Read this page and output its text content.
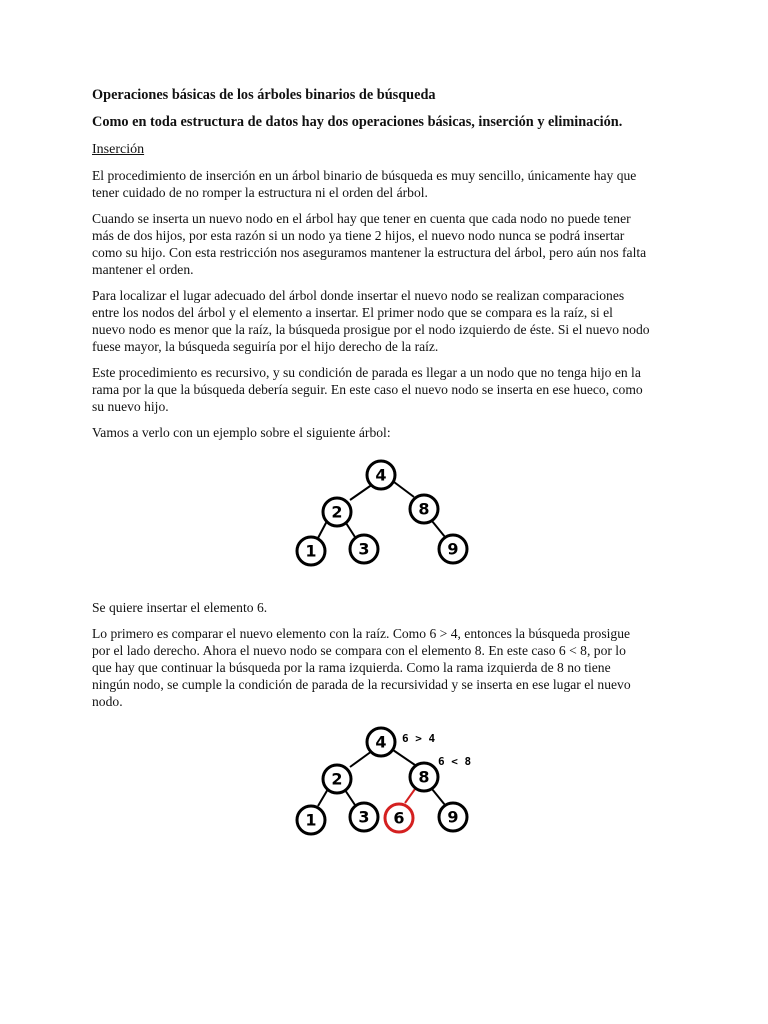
Operaciones básicas de los árboles binarios de búsqueda

Como en toda estructura de datos hay dos operaciones básicas, inserción y eliminación.

Inserción

El procedimiento de inserción en un árbol binario de búsqueda es muy sencillo, únicamente hay que
tener cuidado de no romper la estructura ni el orden del árbol.
Cuando se inserta un nuevo nodo en el árbol hay que tener en cuenta que cada nodo no puede tener
más de dos hijos, por esta razón si un nodo ya tiene 2 hijos, el nuevo nodo nunca se podrá insertar
como su hijo. Con esta restricción nos aseguramos mantener la estructura del árbol, pero aún nos falta
mantener el orden.
Para localizar el lugar adecuado del árbol donde insertar el nuevo nodo se realizan comparaciones
entre los nodos del árbol y el elemento a insertar. El primer nodo que se compara es la raíz, si el
nuevo nodo es menor que la raíz, la búsqueda prosigue por el nodo izquierdo de éste. Si el nuevo nodo
fuese mayor, la búsqueda seguiría por el hijo derecho de la raíz.
Este procedimiento es recursivo, y su condición de parada es llegar a un nodo que no tenga hijo en la
rama por la que la búsqueda debería seguir. En este caso el nuevo nodo se inserta en ese hueco, como
su nuevo hijo.
Vamos a verlo con un ejemplo sobre el siguiente árbol:
4
2	8
1	3	9
Se quiere insertar el elemento 6.
Lo primero es comparar el nuevo elemento con la raíz. Como 6 > 4, entonces la búsqueda prosigue
por el lado derecho. Ahora el nuevo nodo se compara con el elemento 8. En este caso 6 < 8, por lo
que hay que continuar la búsqueda por la rama izquierda. Como la rama izquierda de 8 no tiene
ningún nodo, se cumple la condición de parada de la recursividad y se inserta en ese lugar el nuevo
nodo.
4
2	8
1	3 6	9
6 > 4
6 < 8
